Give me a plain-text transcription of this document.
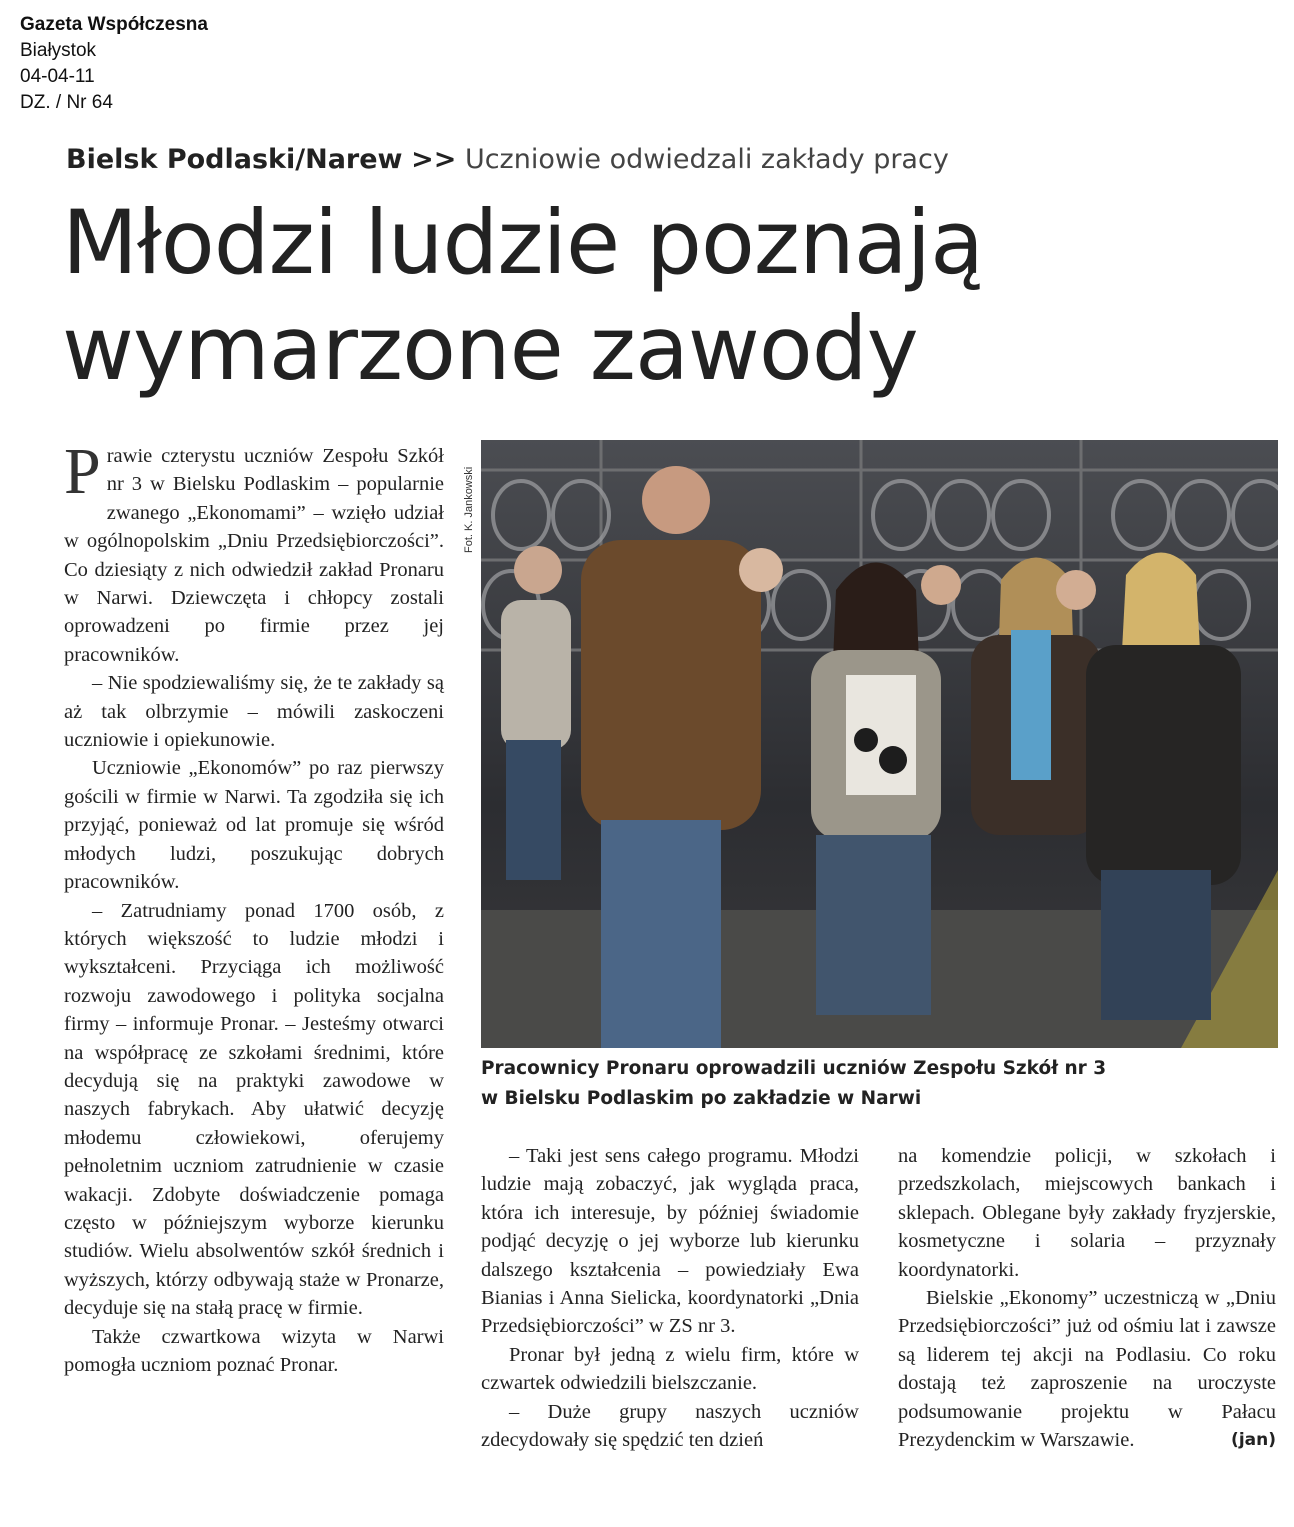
Gazeta Współczesna
Białystok
04-04-11
DZ. / Nr 64
Bielsk Podlaski/Narew >> Uczniowie odwiedzali zakłady pracy
Młodzi ludzie poznają
wymarzone zawody

Prawie czterystu uczniów Zespołu Szkół nr 3 w Bielsku Podlaskim – popularnie zwanego „Ekonomami” – wzięło udział w ogólnopolskim „Dniu Przedsiębiorczości”. Co dziesiąty z nich odwiedził zakład Pronaru w Narwi. Dziewczęta i chłopcy zostali oprowadzeni po firmie przez jej pracowników.

– Nie spodziewaliśmy się, że te zakłady są aż tak olbrzymie – mówili zaskoczeni uczniowie i opiekunowie.

Uczniowie „Ekonomów” po raz pierwszy gościli w firmie w Narwi. Ta zgodziła się ich przyjąć, ponieważ od lat promuje się wśród młodych ludzi, poszukując dobrych pracowników.

– Zatrudniamy ponad 1700 osób, z których większość to ludzie młodzi i wykształceni. Przyciąga ich możliwość rozwoju zawodowego i polityka socjalna firmy – informuje Pronar. – Jesteśmy otwarci na współpracę ze szkołami średnimi, które decydują się na praktyki zawodowe w naszych fabrykach. Aby ułatwić decyzję młodemu człowiekowi, oferujemy pełnoletnim uczniom zatrudnienie w czasie wakacji. Zdobyte doświadczenie pomaga często w późniejszym wyborze kierunku studiów. Wielu absolwentów szkół średnich i wyższych, którzy odbywają staże w Pronarze, decyduje się na stałą pracę w firmie.

Także czwartkowa wizyta w Narwi pomogła uczniom poznać Pronar.

Fot. K. Jankowski
Pracownicy Pronaru oprowadzili uczniów Zespołu Szkół nr 3
w Bielsku Podlaskim po zakładzie w Narwi

– Taki jest sens całego programu. Młodzi ludzie mają zobaczyć, jak wygląda praca, która ich interesuje, by później świadomie podjąć decyzję o jej wyborze lub kierunku dalszego kształcenia – powiedziały Ewa Bianias i Anna Sielicka, koordynatorki „Dnia Przedsiębiorczości” w ZS nr 3.

Pronar był jedną z wielu firm, które w czwartek odwiedzili bielszczanie.

– Duże grupy naszych uczniów zdecydowały się spędzić ten dzień

na komendzie policji, w szkołach i przedszkolach, miejscowych bankach i sklepach. Oblegane były zakłady fryzjerskie, kosmetyczne i solaria – przyznały koordynatorki.

Bielskie „Ekonomy” uczestniczą w „Dniu Przedsiębiorczości” już od ośmiu lat i zawsze są liderem tej akcji na Podlasiu. Co roku dostają też zaproszenie na uroczyste podsumowanie projektu w Pałacu Prezydenckim w Warszawie.	(jan)
